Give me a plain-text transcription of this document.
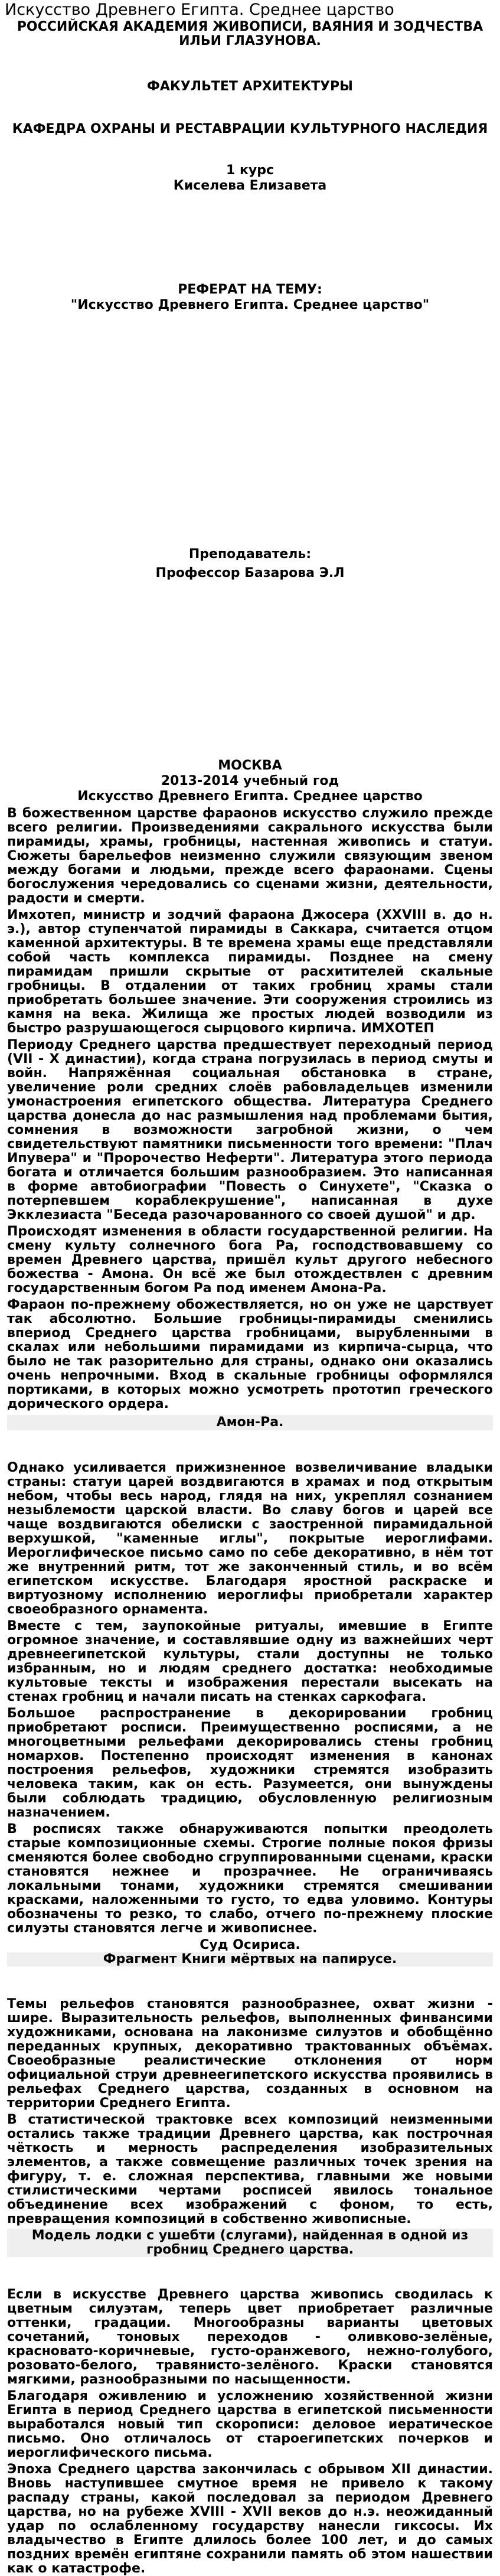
Искусство Древнего Египта. Среднее царство

РОССИЙСКАЯ АКАДЕМИЯ ЖИВОПИСИ, ВАЯНИЯ И ЗОДЧЕСТВА ИЛЬИ ГЛАЗУНОВА.

ФАКУЛЬТЕТ АРХИТЕКТУРЫ

КАФЕДРА ОХРАНЫ И РЕСТАВРАЦИИ КУЛЬТУРНОГО НАСЛЕДИЯ

1 курс

Киселева Елизавета

РЕФЕРАТ НА ТЕМУ:

"Искусство Древнего Египта. Среднее царство"

Преподаватель:

Профессор Базарова Э.Л

МОСКВА

2013-2014 учебный год

Искусство Древнего Египта. Среднее царство

В божественном царстве фараонов искусство служило прежде всего религии. Произведениями сакрального искусства были пирамиды, храмы, гробницы, настенная живопись и статуи. Сюжеты барельефов неизменно служили связующим звеном между богами и людьми, прежде всего фараонами. Сцены богослужения чередовались со сценами жизни, деятельности, радости и смерти.

Имхотеп, министр и зодчий фараона Джосера (XXVIII в. до н. э.), автор ступенчатой пирамиды в Саккара, считается отцом каменной архитектуры. В те времена храмы еще представляли собой часть комплекса пирамиды. Позднее на смену пирамидам пришли скрытые от расхитителей скальные гробницы. В отдалении от таких гробниц храмы стали приобретать большее значение. Эти сооружения строились из камня на века. Жилища же простых людей возводили из быстро разрушающегося сырцового кирпича. ИМХОТЕП

Периоду Среднего царства предшествует переходный период (VII - X династии), когда страна погрузилась в период смуты и войн. Напряжённая социальная обстановка в стране, увеличение роли средних слоёв рабовладельцев изменили умонастроения египетского общества. Литература Среднего царства донесла до нас размышления над проблемами бытия, сомнения в возможности загробной жизни, о чем свидетельствуют памятники письменности того времени: "Плач Ипувера" и "Пророчество Неферти". Литература этого периода богата и отличается большим разнообразием. Это написанная в форме автобиографии "Повесть о Синухете", "Сказка о потерпевшем кораблекрушение", написанная в духе Экклезиаста "Беседа разочарованного со своей душой" и др.

Происходят изменения в области государственной религии. На смену культу солнечного бога Ра, господствовавшему со времен Древнего царства, пришёл культ другого небесного божества - Амона. Он всё же был отождествлен с древним государственным богом Ра под именем Амона-Ра.

Фараон по-прежнему обожествляется, но он уже не царствует так абсолютно. Большие гробницы-пирамиды сменились впериод Среднего царства гробницами, вырубленными в скалах или небольшими пирамидами из кирпича-сырца, что было не так разорительно для страны, однако они оказались очень непрочными. Вход в скальные гробницы оформлялся портиками, в которых можно усмотреть прототип греческого дорического ордера.

Амон-Ра.

Однако усиливается прижизненное возвеличивание владыки страны: статуи царей воздвигаются в храмах и под открытым небом, чтобы весь народ, глядя на них, укреплял сознанием незыблемости царской власти. Во славу богов и царей все чаще воздвигаются обелиски с заостренной пирамидальной верхушкой, "каменные иглы", покрытые иероглифами. Иероглифическое письмо само по себе декоративно, в нём тот же внутренний ритм, тот же законченный стиль, и во всём египетском искусстве. Благодаря яростной раскраске и виртуозному исполнению иероглифы приобретали характер своеобразного орнамента.

Вместе с тем, заупокойные ритуалы, имевшие в Египте огромное значение, и составлявшие одну из важнейших черт древнеегипетской культуры, стали доступны не только избранным, но и людям среднего достатка: необходимые культовые тексты и изображения перестали высекать на стенах гробниц и начали писать на стенках саркофага.

Большое распространение в декорировании гробниц приобретают росписи. Преимущественно росписями, а не многоцветными рельефами декорировались стены гробниц номархов. Постепенно происходят изменения в канонах построения рельефов, художники стремятся изобразить человека таким, как он есть. Разумеется, они вынуждены были соблюдать традицию, обусловленную религиозным назначением.

В росписях также обнаруживаются попытки преодолеть старые композиционные схемы. Строгие полные покоя фризы сменяются более свободно сгруппированными сценами, краски становятся нежнее и прозрачнее. Не ограничиваясь локальными тонами, художники стремятся смешивании красками, наложенными то густо, то едва уловимо. Контуры обозначены то резко, то слабо, отчего по-прежнему плоские силуэты становятся легче и живописнее.

Суд Осириса.

Фрагмент Книги мёртвых на папирусе.

Темы рельефов становятся разнообразнее, охват жизни - шире. Выразительность рельефов, выполненных финвансими художниками, основана на лаконизме силуэтов и обобщённо переданных крупных, декоративно трактованных объёмах. Своеобразные реалистические отклонения от норм официальной струи древнеегипетского искусства проявились в рельефах Среднего царства, созданных в основном на территории Среднего Египта.

В статистической трактовке всех композиций неизменными остались также традиции Древнего царства, как построчная чёткость и мерность распределения изобразительных элементов, а также совмещение различных точек зрения на фигуру, т. е. сложная перспектива, главными же новыми стилистическими чертами росписей явилось тональное объединение всех изображений с фоном, то есть, превращения композиций в собственно живописные.

Модель лодки с ушебти (слугами), найденная в одной из гробниц Среднего царства.

Если в искусстве Древнего царства живопись сводилась к цветным силуэтам, теперь цвет приобретает различные оттенки, градации. Многообразны варианты цветовых сочетаний, тоновых переходов - оливково-зелёные, красновато-коричневые, густо-оранжевого, нежно-голубого, розовато-белого, травянисто-зелёного. Краски становятся мягкими, разнообразными по насыщенности.

Благодаря оживлению и усложнению хозяйственной жизни Египта в период Среднего царства в египетской письменности выработался новый тип скорописи: деловое иератическое письмо. Оно отличалось от староегипетских почерков и иероглифического письма.

Эпоха Среднего царства закончилась с обрывом XII династии. Вновь наступившее смутное время не привело к такому распаду страны, какой последовал за периодом Древнего царства, но на рубеже XVIII - XVII веков до н.э. неожиданный удар по ослабленному государству нанесли гиксосы. Их владычество в Египте длилось более 100 лет, и до самых поздних времён египтяне сохранили память об этом нашествии как о катастрофе.
